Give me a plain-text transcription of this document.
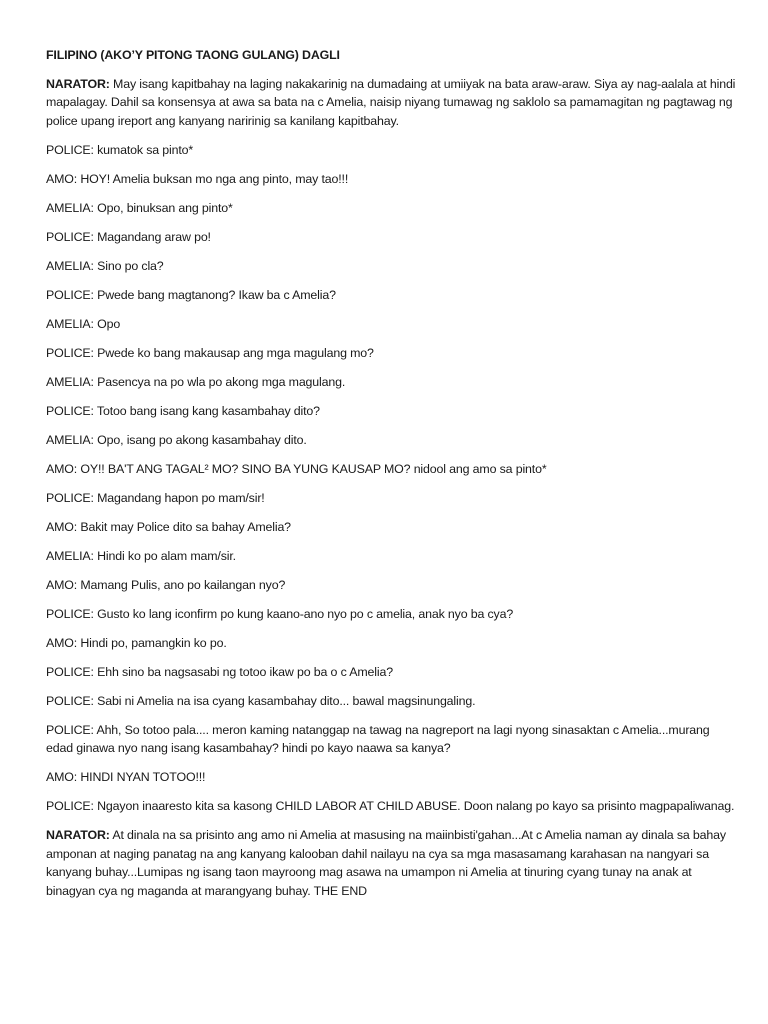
FILIPINO (AKO’Y PITONG TAONG GULANG) DAGLI

NARATOR: May isang kapitbahay na laging nakakarinig na dumadaing at umiiyak na bata araw-araw. Siya ay nag-aalala at hindi mapalagay. Dahil sa konsensya at awa sa bata na c Amelia, naisip niyang tumawag ng saklolo sa pamamagitan ng pagtawag ng police upang ireport ang kanyang naririnig sa kanilang kapitbahay.

POLICE: kumatok sa pinto*

AMO: HOY! Amelia buksan mo nga ang pinto, may tao!!!

AMELIA: Opo, binuksan ang pinto*

POLICE: Magandang araw po!

AMELIA: Sino po cla?

POLICE: Pwede bang magtanong? Ikaw ba c Amelia?

AMELIA: Opo

POLICE: Pwede ko bang makausap ang mga magulang mo?

AMELIA: Pasencya na po wla po akong mga magulang.

POLICE: Totoo bang isang kang kasambahay dito?

AMELIA: Opo, isang po akong kasambahay dito.

AMO: OY!! BA'T ANG TAGAL² MO? SINO BA YUNG KAUSAP MO? nidool ang amo sa pinto*

POLICE: Magandang hapon po mam/sir!

AMO: Bakit may Police dito sa bahay Amelia?

AMELIA: Hindi ko po alam mam/sir.

AMO: Mamang Pulis, ano po kailangan nyo?

POLICE: Gusto ko lang iconfirm po kung kaano-ano nyo po c amelia, anak nyo ba cya?

AMO: Hindi po, pamangkin ko po.

POLICE: Ehh sino ba nagsasabi ng totoo ikaw po ba o c Amelia?

POLICE: Sabi ni Amelia na isa cyang kasambahay dito... bawal magsinungaling.

POLICE: Ahh, So totoo pala.... meron kaming natanggap na tawag na nagreport na lagi nyong sinasaktan c Amelia...murang edad ginawa nyo nang isang kasambahay? hindi po kayo naawa sa kanya?

AMO: HINDI NYAN TOTOO!!!

POLICE: Ngayon inaaresto kita sa kasong CHILD LABOR AT CHILD ABUSE. Doon nalang po kayo sa prisinto magpapaliwanag.

NARATOR: At dinala na sa prisinto ang amo ni Amelia at masusing na maiinbisti'gahan...At c Amelia naman ay dinala sa bahay amponan at naging panatag na ang kanyang kalooban dahil nailayu na cya sa mga masasamang karahasan na nangyari sa kanyang buhay...Lumipas ng isang taon mayroong mag asawa na umampon ni Amelia at tinuring cyang tunay na anak at binagyan cya ng maganda at marangyang buhay. THE END
